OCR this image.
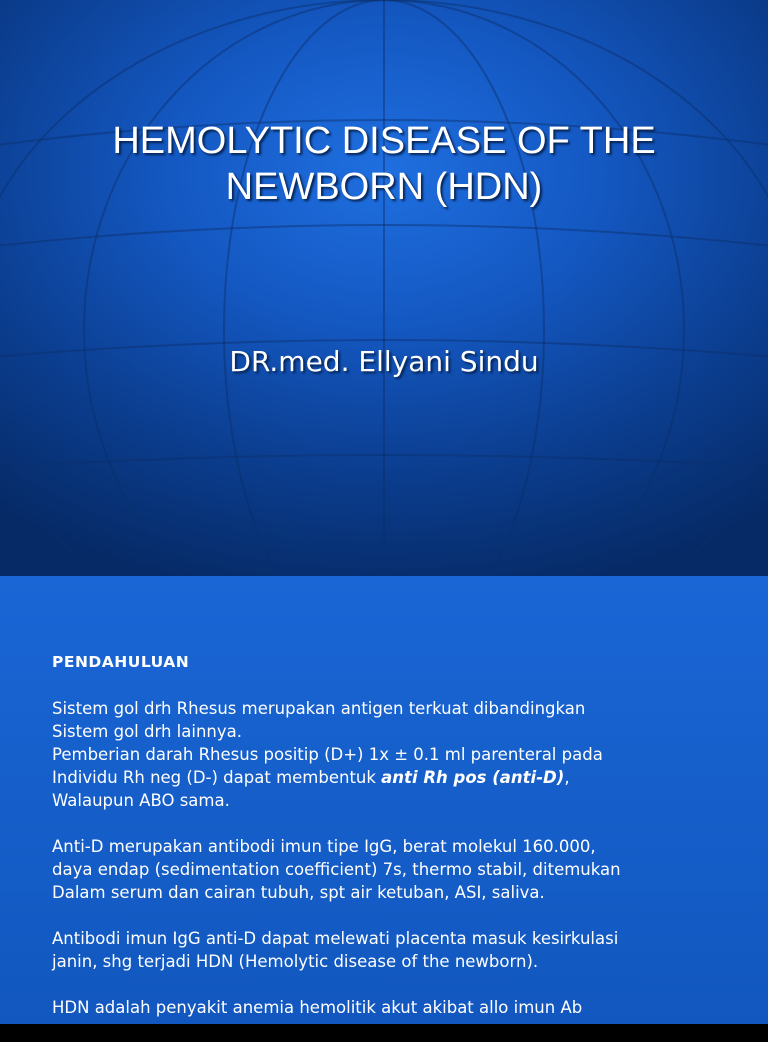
HEMOLYTIC DISEASE OF THE
NEWBORN (HDN)

DR.med. Ellyani Sindu

PENDAHULUAN

Sistem gol drh Rhesus merupakan antigen terkuat dibandingkan
Sistem gol drh lainnya.
Pemberian darah Rhesus positip (D+) 1x ± 0.1 ml parenteral pada
Individu Rh neg (D-) dapat membentuk anti Rh pos (anti-D),
Walaupun ABO sama.

Anti-D merupakan antibodi imun tipe IgG, berat molekul 160.000,
daya endap (sedimentation coefficient) 7s, thermo stabil, ditemukan
Dalam serum dan cairan tubuh, spt air ketuban, ASI, saliva.

Antibodi imun IgG anti-D dapat melewati placenta masuk kesirkulasi
janin, shg terjadi HDN (Hemolytic disease of the newborn).

HDN adalah penyakit anemia hemolitik akut akibat allo imun Ab
